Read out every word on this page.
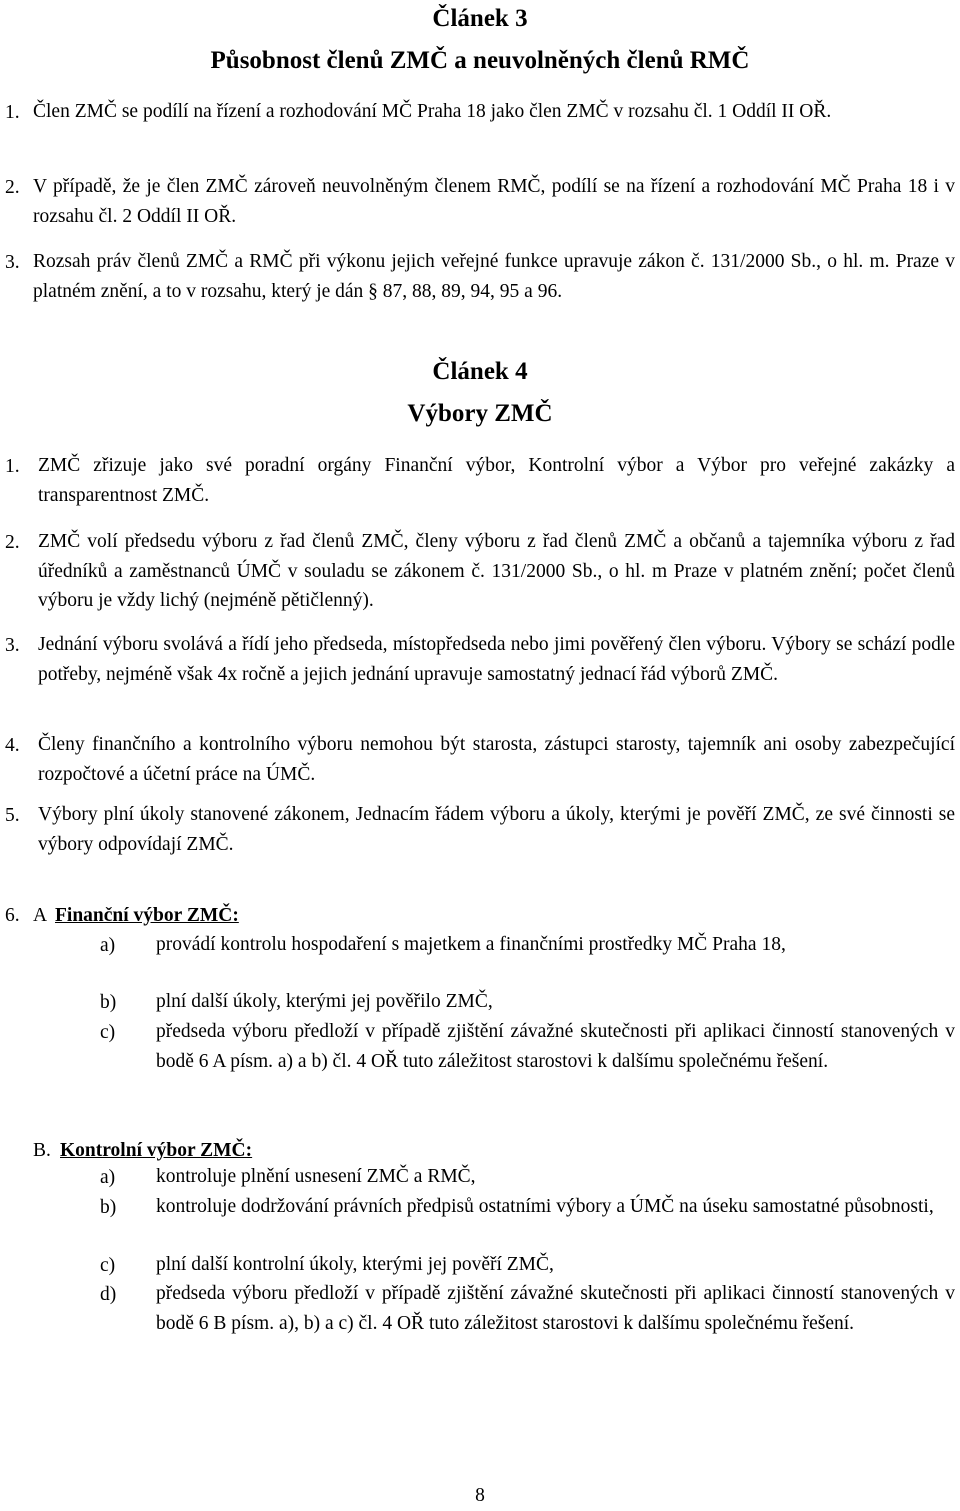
Článek 3
Působnost členů ZMČ a neuvolněných členů RMČ
1. Člen ZMČ se podílí na řízení a rozhodování MČ Praha 18 jako člen ZMČ v rozsahu čl. 1 Oddíl II OŘ.
2. V případě, že je člen ZMČ zároveň neuvolněným členem RMČ, podílí se na řízení a rozhodování MČ Praha 18 i v rozsahu čl. 2 Oddíl II OŘ.
3. Rozsah práv členů ZMČ a RMČ při výkonu jejich veřejné funkce upravuje zákon č. 131/2000 Sb., o hl. m. Praze v platném znění, a to v rozsahu, který je dán § 87, 88, 89, 94, 95 a 96.
Článek 4
Výbory ZMČ
1. ZMČ zřizuje jako své poradní orgány Finanční výbor, Kontrolní výbor a Výbor pro veřejné zakázky a transparentnost ZMČ.
2. ZMČ volí předsedu výboru z řad členů ZMČ, členy výboru z řad členů ZMČ a občanů a tajemníka výboru z řad úředníků a zaměstnanců ÚMČ v souladu se zákonem č. 131/2000 Sb., o hl. m Praze v platném znění; počet členů výboru je vždy lichý (nejméně pětičlenný).
3. Jednání výboru svolává a řídí jeho předseda, místopředseda nebo jimi pověřený člen výboru. Výbory se schází podle potřeby, nejméně však 4x ročně a jejich jednání upravuje samostatný jednací řád výborů ZMČ.
4. Členy finančního a kontrolního výboru nemohou být starosta, zástupci starosty, tajemník ani osoby zabezpečující rozpočtové a účetní práce na ÚMČ.
5. Výbory plní úkoly stanovené zákonem, Jednacím řádem výboru a úkoly, kterými je pověří ZMČ, ze své činnosti se výbory odpovídají ZMČ.
6. A Finanční výbor ZMČ:
a) provádí kontrolu hospodaření s majetkem a finančními prostředky MČ Praha 18,
b) plní další úkoly, kterými jej pověřilo ZMČ,
c) předseda výboru předloží v případě zjištění závažné skutečnosti při aplikaci činností stanovených v bodě 6 A písm. a) a b) čl. 4 OŘ tuto záležitost starostovi k dalšímu společnému řešení.
B. Kontrolní výbor ZMČ:
a) kontroluje plnění usnesení ZMČ a RMČ,
b) kontroluje dodržování právních předpisů ostatními výbory a ÚMČ na úseku samostatné působnosti,
c) plní další kontrolní úkoly, kterými jej pověří ZMČ,
d) předseda výboru předloží v případě zjištění závažné skutečnosti při aplikaci činností stanovených v bodě 6 B písm. a), b) a c) čl. 4 OŘ tuto záležitost starostovi k dalšímu společnému řešení.
8
